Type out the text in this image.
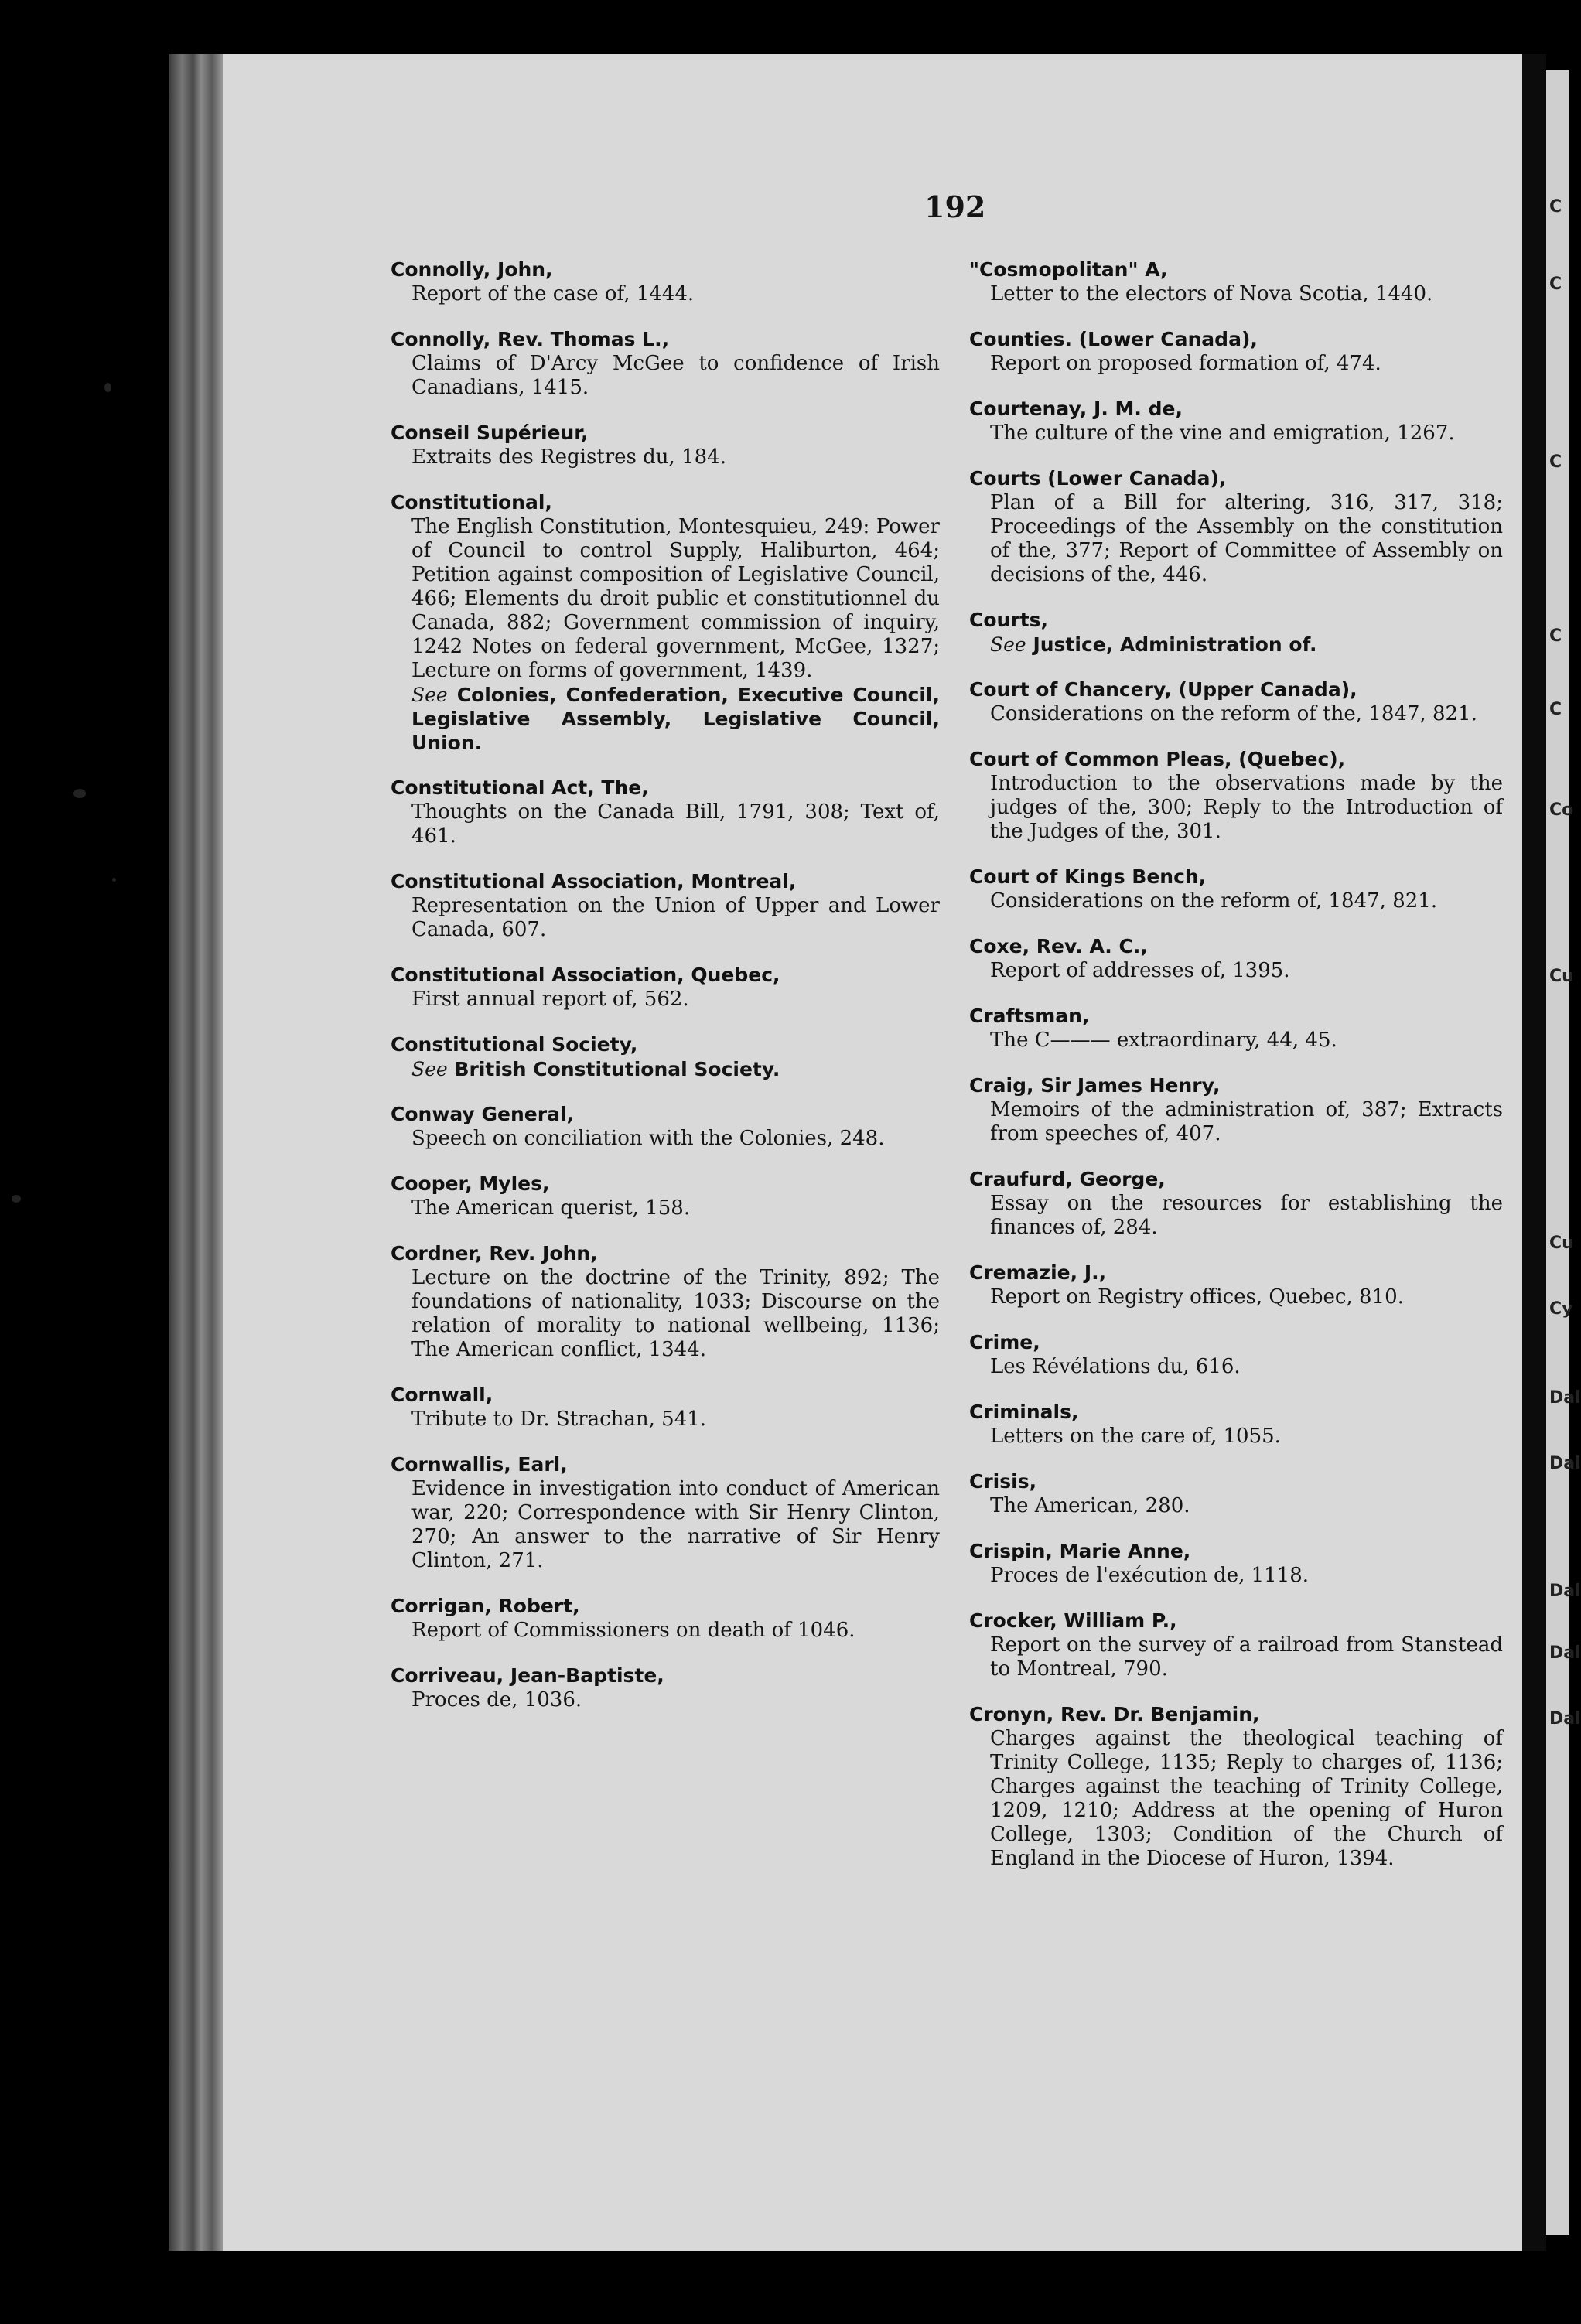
C
C
C
C
C
Co
Cu
Cu
Cy
Dal
Dal
Dal
Dal
Dal
192
Connolly, John,
Report of the case of, 1444.
Connolly, Rev. Thomas L.,
Claims of D'Arcy McGee to confidence of Irish Canadians, 1415.
Conseil Supérieur,
Extraits des Registres du, 184.
Constitutional,
The English Constitution, Montesquieu, 249: Power of Council to control Supply, Haliburton, 464; Petition against composition of Legislative Council, 466; Elements du droit public et constitutionnel du Canada, 882; Government commission of inquiry, 1242 Notes on federal government, McGee, 1327; Lecture on forms of government, 1439.
See Colonies, Confederation, Executive Council, Legislative Assembly, Legislative Council, Union.
Constitutional Act, The,
Thoughts on the Canada Bill, 1791, 308; Text of, 461.
Constitutional Association, Montreal,
Representation on the Union of Upper and Lower Canada, 607.
Constitutional Association, Quebec,
First annual report of, 562.
Constitutional Society,
See British Constitutional Society.
Conway General,
Speech on conciliation with the Colonies, 248.
Cooper, Myles,
The American querist, 158.
Cordner, Rev. John,
Lecture on the doctrine of the Trinity, 892; The foundations of nationality, 1033; Discourse on the relation of morality to national wellbeing, 1136; The American conflict, 1344.
Cornwall,
Tribute to Dr. Strachan, 541.
Cornwallis, Earl,
Evidence in investigation into conduct of American war, 220; Correspondence with Sir Henry Clinton, 270; An answer to the narrative of Sir Henry Clinton, 271.
Corrigan, Robert,
Report of Commissioners on death of 1046.
Corriveau, Jean-Baptiste,
Proces de, 1036.
"Cosmopolitan" A,
Letter to the electors of Nova Scotia, 1440.
Counties. (Lower Canada),
Report on proposed formation of, 474.
Courtenay, J. M. de,
The culture of the vine and emigration, 1267.
Courts (Lower Canada),
Plan of a Bill for altering, 316, 317, 318; Proceedings of the Assembly on the constitution of the, 377; Report of Committee of Assembly on decisions of the, 446.
Courts,
See Justice, Administration of.
Court of Chancery, (Upper Canada),
Considerations on the reform of the, 1847, 821.
Court of Common Pleas, (Quebec),
Introduction to the observations made by the judges of the, 300; Reply to the Introduction of the Judges of the, 301.
Court of Kings Bench,
Considerations on the reform of, 1847, 821.
Coxe, Rev. A. C.,
Report of addresses of, 1395.
Craftsman,
The C——— extraordinary, 44, 45.
Craig, Sir James Henry,
Memoirs of the administration of, 387; Extracts from speeches of, 407.
Craufurd, George,
Essay on the resources for establishing the finances of, 284.
Cremazie, J.,
Report on Registry offices, Quebec, 810.
Crime,
Les Révélations du, 616.
Criminals,
Letters on the care of, 1055.
Crisis,
The American, 280.
Crispin, Marie Anne,
Proces de l'exécution de, 1118.
Crocker, William P.,
Report on the survey of a railroad from Stanstead to Montreal, 790.
Cronyn, Rev. Dr. Benjamin,
Charges against the theological teaching of Trinity College, 1135; Reply to charges of, 1136; Charges against the teaching of Trinity College, 1209, 1210; Address at the opening of Huron College, 1303; Condition of the Church of England in the Diocese of Huron, 1394.
